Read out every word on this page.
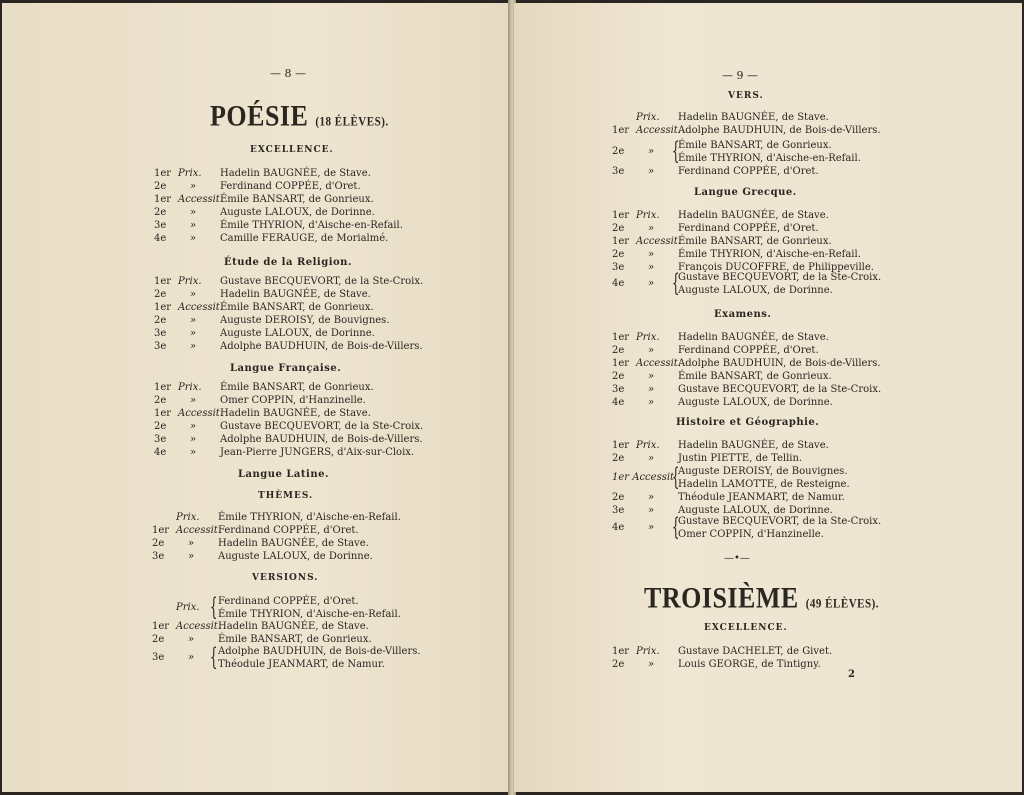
— 8 —
POÉSIE (18 ÉLÈVES).
EXCELLENCE.
1er Prix. Hadelin BAUGNÉE, de Stave.
2e » Ferdinand COPPÉE, d'Oret.
1er Accessit.
Émile BANSART, de Gonrieux.
2e » Auguste LALOUX, de Dorinne.
3e » Émile THYRION, d'Aische-en-Refail.
4e » Camille FERAUGE, de Morialmé.
Étude de la Religion.
1er Prix. Gustave BECQUEVORT, de la Ste-Croix.
2e » Hadelin BAUGNÉE, de Stave.
1er Accessit.
Émile BANSART, de Gonrieux.
2e » Auguste DEROISY, de Bouvignes.
3e » Auguste LALOUX, de Dorinne.
3e » Adolphe BAUDHUIN, de Bois-de-Villers.
Langue Française.
1er Prix. Émile BANSART, de Gonrieux.
2e » Omer COPPIN, d'Hanzinelle.
1er Accessit.
Hadelin BAUGNÉE, de Stave.
2e » Gustave BECQUEVORT, de la Ste-Croix.
3e » Adolphe BAUDHUIN, de Bois-de-Villers.
4e » Jean-Pierre JUNGERS, d'Aix-sur-Cloix.
Langue Latine.
THÈMES.
Prix. Émile THYRION, d'Aische-en-Refail.
1er Accessit.
Ferdinand COPPÉE, d'Oret.
2e » Hadelin BAUGNÉE, de Stave.
3e » Auguste LALOUX, de Dorinne.
VERSIONS.
Prix. { Ferdinand COPPÉE, d'Oret.
Émile THYRION, d'Aische-en-Refail.
1er Accessit.
Hadelin BAUGNÉE, de Stave.
2e » Émile BANSART, de Gonrieux.
3e » { Adolphe BAUDHUIN, de Bois-de-Villers.
Théodule JEANMART, de Namur.
— 9 —
VERS.
Prix. Hadelin BAUGNÉE, de Stave.
1er Accessit.
Adolphe BAUDHUIN, de Bois-de-Villers.
2e » {
Émile BANSART, de Gonrieux.
Émile THYRION, d'Aische-en-Refail.
3e » Ferdinand COPPÉE, d'Oret.
Langue Grecque.
1er Prix. Hadelin BAUGNÉE, de Stave.
2e » Ferdinand COPPÉE, d'Oret.
1er Accessit.
Émile BANSART, de Gonrieux.
2e » Émile THYRION, d'Aische-en-Refail.
3e » François DUCOFFRE, de Philippeville.
4e » {
Gustave BECQUEVORT, de la Ste-Croix.
Auguste LALOUX, de Dorinne.
Examens.
1er Prix. Hadelin BAUGNÉE, de Stave.
2e » Ferdinand COPPÉE, d'Oret.
1er Accessit.
Adolphe BAUDHUIN, de Bois-de-Villers.
2e » Émile BANSART, de Gonrieux.
3e » Gustave BECQUEVORT, de la Ste-Croix.
4e » Auguste LALOUX, de Dorinne.
Histoire et Géographie.
1er Prix. Hadelin BAUGNÉE, de Stave.
2e » Justin PIETTE, de Tellin.
1er Accessit
{
Auguste DEROISY, de Bouvignes.
Hadelin LAMOTTE, de Resteigne.
2e » Théodule JEANMART, de Namur.
3e » Auguste LALOUX, de Dorinne.
4e » {
Gustave BECQUEVORT, de la Ste-Croix.
Omer COPPIN, d'Hanzinelle.
—•—
TROISIÈME (49 ÉLÈVES).
EXCELLENCE.
1er Prix. Gustave DACHELET, de Givet.
2e » Louis GEORGE, de Tintigny.
2
